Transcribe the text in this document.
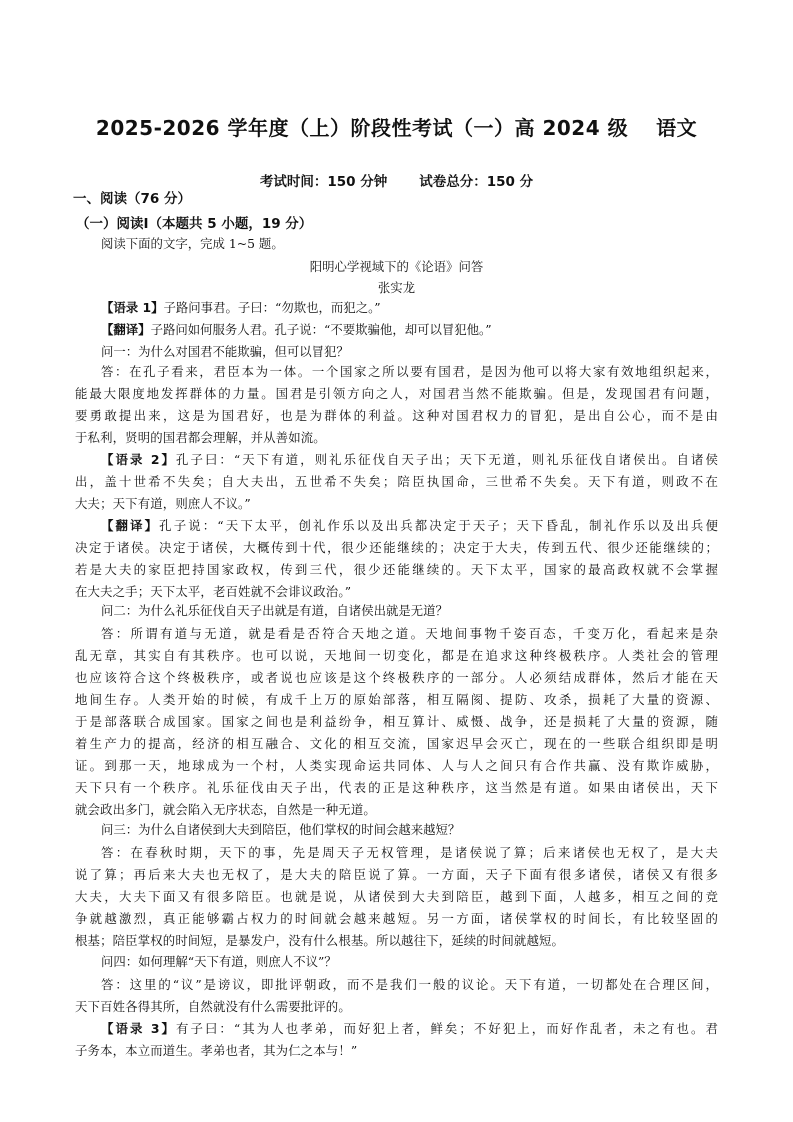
2025-2026 学年度（上）阶段性考试（一）高 2024 级　 语文
考试时间：150 分钟 试卷总分：150 分
一、阅读（76 分）
（一）阅读Ⅰ（本题共 5 小题，19 分）
阅读下面的文字，完成 1~5 题。
阳明心学视域下的《论语》问答
张实龙
【语录 1】子路问事君。子曰：“勿欺也，而犯之。”
【翻译】子路问如何服务人君。孔子说：“不要欺骗他，却可以冒犯他。”
问一：为什么对国君不能欺骗，但可以冒犯？
答：在孔子看来，君臣本为一体。一个国家之所以要有国君，是因为他可以将大家有效地组织起来，
能最大限度地发挥群体的力量。国君是引领方向之人，对国君当然不能欺骗。但是，发现国君有问题，
要勇敢提出来，这是为国君好，也是为群体的利益。这种对国君权力的冒犯，是出自公心，而不是由
于私利，贤明的国君都会理解，并从善如流。
【语录 2】孔子曰：“天下有道，则礼乐征伐自天子出；天下无道，则礼乐征伐自诸侯出。自诸侯
出，盖十世希不失矣；自大夫出，五世希不失矣；陪臣执国命，三世希不失矣。天下有道，则政不在
大夫；天下有道，则庶人不议。”
【翻译】孔子说：“天下太平，创礼作乐以及出兵都决定于天子；天下昏乱，制礼作乐以及出兵便
决定于诸侯。决定于诸侯，大概传到十代，很少还能继续的；决定于大夫，传到五代、很少还能继续的；
若是大夫的家臣把持国家政权，传到三代，很少还能继续的。天下太平，国家的最高政权就不会掌握
在大夫之手；天下太平，老百姓就不会诽议政治。”
问二：为什么礼乐征伐自天子出就是有道，自诸侯出就是无道？
答：所谓有道与无道，就是看是否符合天地之道。天地间事物千姿百态，千变万化，看起来是杂
乱无章，其实自有其秩序。也可以说，天地间一切变化，都是在追求这种终极秩序。人类社会的管理
也应该符合这个终极秩序，或者说也应该是这个终极秩序的一部分。人必须结成群体，然后才能在天
地间生存。人类开始的时候，有成千上万的原始部落，相互隔阂、提防、攻杀，损耗了大量的资源、
于是部落联合成国家。国家之间也是利益纷争，相互算计、威慑、战争，还是损耗了大量的资源，随
着生产力的提高，经济的相互融合、文化的相互交流，国家迟早会灭亡，现在的一些联合组织即是明
证。到那一天，地球成为一个村，人类实现命运共同体、人与人之间只有合作共赢、没有欺诈威胁，
天下只有一个秩序。礼乐征伐由天子出，代表的正是这种秩序，这当然是有道。如果由诸侯出，天下
就会政出多门，就会陷入无序状态，自然是一种无道。
问三：为什么自诸侯到大夫到陪臣，他们掌权的时间会越来越短？
答：在春秋时期，天下的事，先是周天子无权管理，是诸侯说了算；后来诸侯也无权了，是大夫
说了算；再后来大夫也无权了，是大夫的陪臣说了算。一方面，天子下面有很多诸侯，诸侯又有很多
大夫，大夫下面又有很多陪臣。也就是说，从诸侯到大夫到陪臣，越到下面，人越多，相互之间的竞
争就越激烈，真正能够霸占权力的时间就会越来越短。另一方面，诸侯掌权的时间长，有比较坚固的
根基；陪臣掌权的时间短，是暴发户，没有什么根基。所以越往下，延续的时间就越短。
问四：如何理解“天下有道，则庶人不议”？
答：这里的“议”是谤议，即批评朝政，而不是我们一般的议论。天下有道，一切都处在合理区间，
天下百姓各得其所，自然就没有什么需要批评的。
【语录 3】有子曰：“其为人也孝弟，而好犯上者，鲜矣；不好犯上，而好作乱者，未之有也。君
子务本，本立而道生。孝弟也者，其为仁之本与！”
